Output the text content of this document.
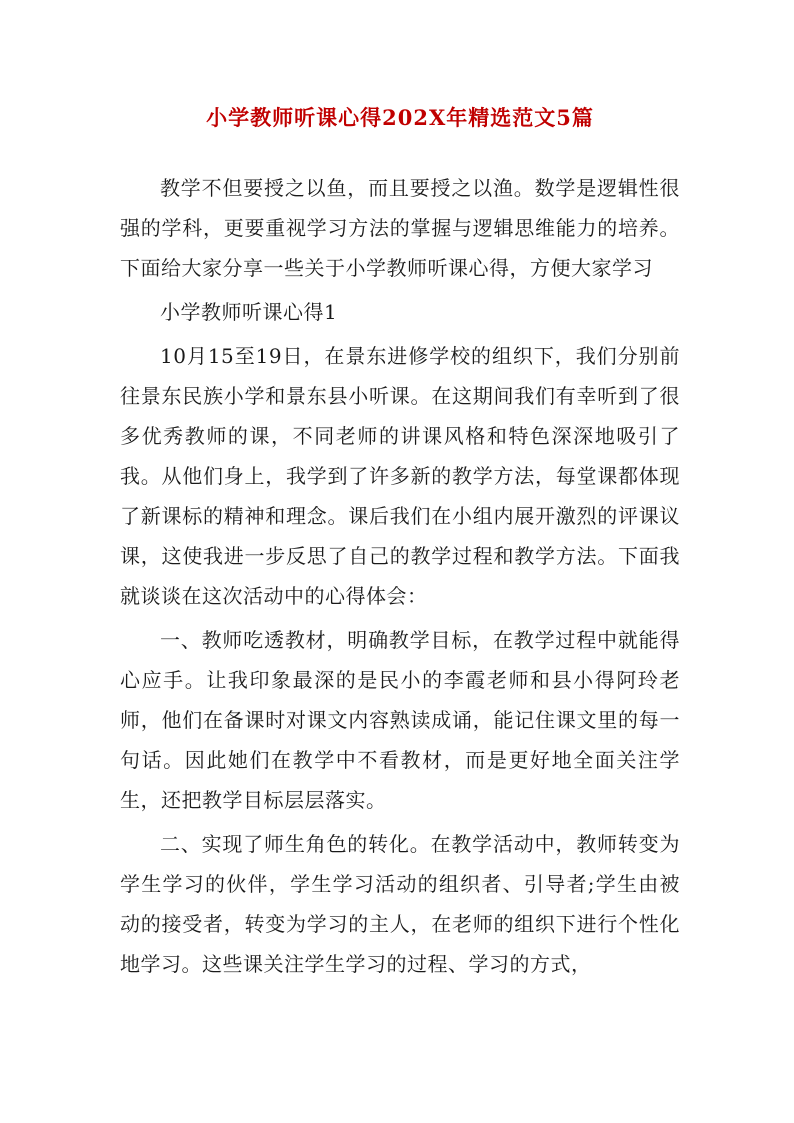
小学教师听课心得202X年精选范文5篇

教学不但要授之以鱼，而且要授之以渔。数学是逻辑性很强的学科，更要重视学习方法的掌握与逻辑思维能力的培养。下面给大家分享一些关于小学教师听课心得，方便大家学习

小学教师听课心得1

10月15至19日，在景东进修学校的组织下，我们分别前往景东民族小学和景东县小听课。在这期间我们有幸听到了很多优秀教师的课，不同老师的讲课风格和特色深深地吸引了我。从他们身上，我学到了许多新的教学方法，每堂课都体现了新课标的精神和理念。课后我们在小组内展开激烈的评课议课，这使我进一步反思了自己的教学过程和教学方法。下面我就谈谈在这次活动中的心得体会：

一、教师吃透教材，明确教学目标，在教学过程中就能得心应手。让我印象最深的是民小的李霞老师和县小得阿玲老师，他们在备课时对课文内容熟读成诵，能记住课文里的每一句话。因此她们在教学中不看教材，而是更好地全面关注学生，还把教学目标层层落实。

二、实现了师生角色的转化。在教学活动中，教师转变为学生学习的伙伴，学生学习活动的组织者、引导者;学生由被动的接受者，转变为学习的主人，在老师的组织下进行个性化地学习。这些课关注学生学习的过程、学习的方式，
